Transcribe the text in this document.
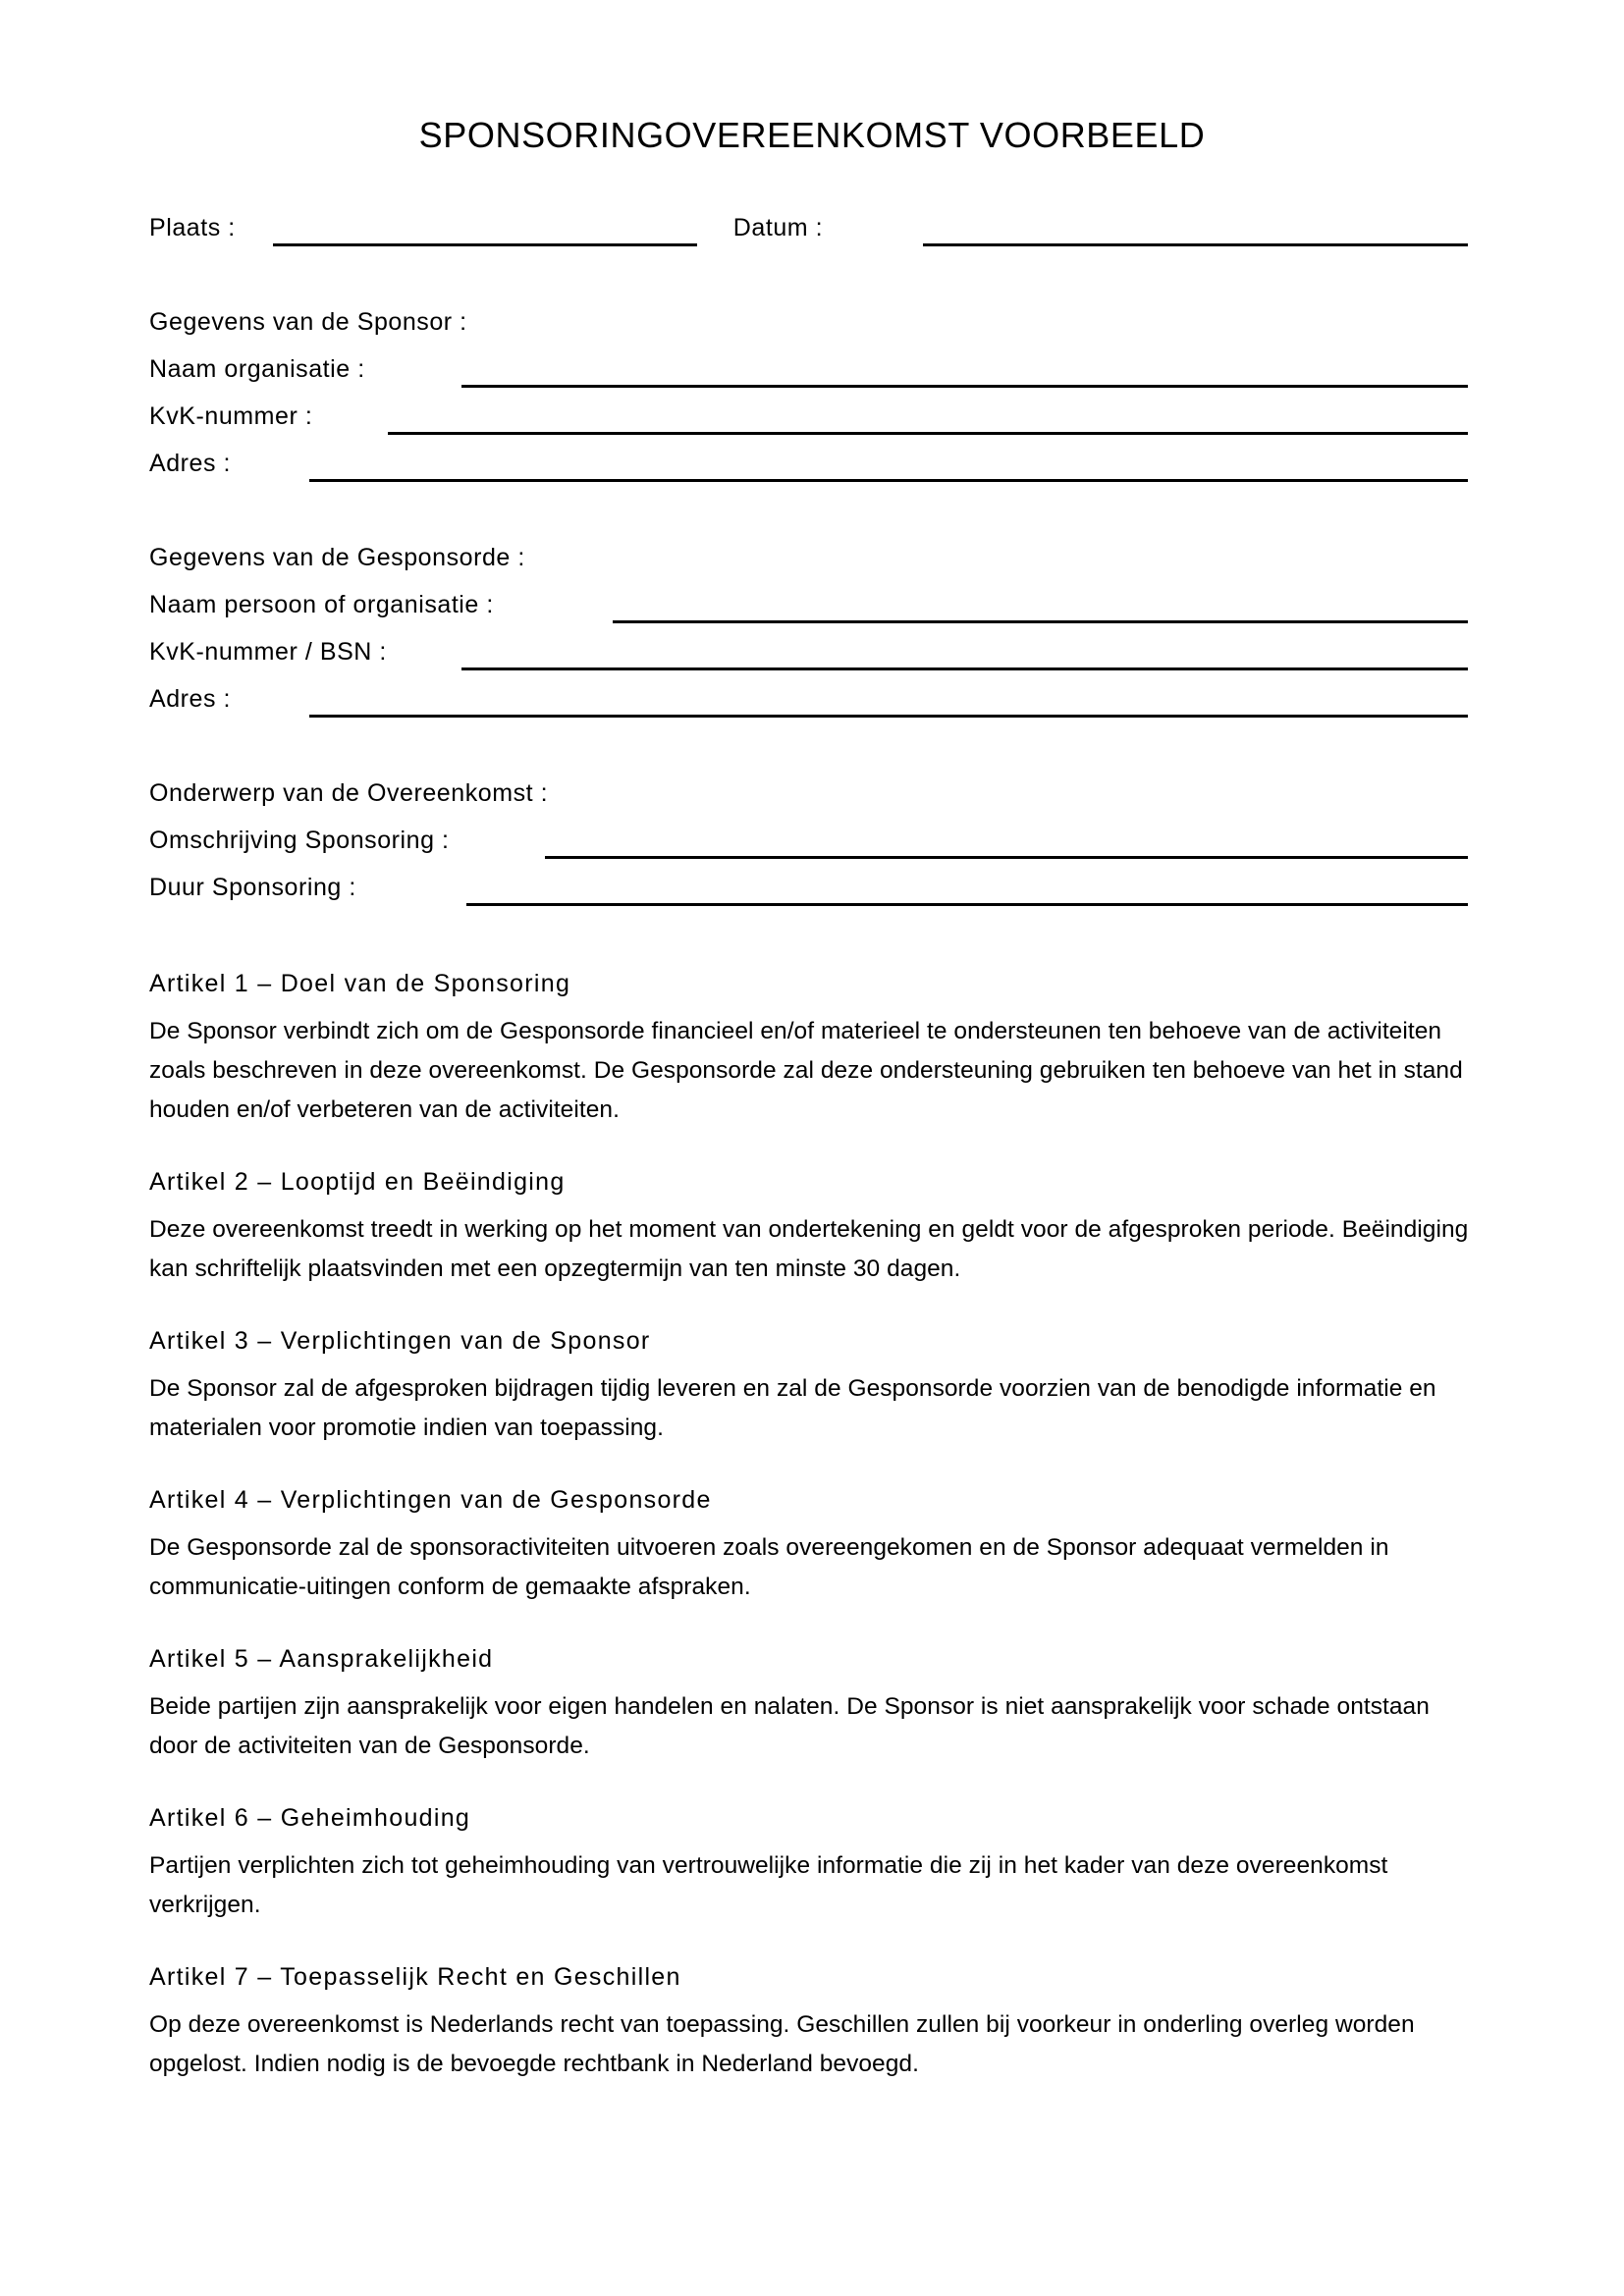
SPONSORINGOVEREENKOMST VOORBEELD
Plaats :	Datum :
Gegevens van de Sponsor :
Naam organisatie :
KvK-nummer :
Adres :
Gegevens van de Gesponsorde :
Naam persoon of organisatie :
KvK-nummer / BSN :
Adres :
Onderwerp van de Overeenkomst :
Omschrijving Sponsoring :
Duur Sponsoring :
Artikel 1 – Doel van de Sponsoring

De Sponsor verbindt zich om de Gesponsorde financieel en/of materieel te ondersteunen ten behoeve van de activiteiten zoals beschreven in deze overeenkomst. De Gesponsorde zal deze ondersteuning gebruiken ten behoeve van het in stand houden en/of verbeteren van de activiteiten.

Artikel 2 – Looptijd en Beëindiging

Deze overeenkomst treedt in werking op het moment van ondertekening en geldt voor de afgesproken periode. Beëindiging kan schriftelijk plaatsvinden met een opzegtermijn van ten minste 30 dagen.

Artikel 3 – Verplichtingen van de Sponsor

De Sponsor zal de afgesproken bijdragen tijdig leveren en zal de Gesponsorde voorzien van de benodigde informatie en materialen voor promotie indien van toepassing.

Artikel 4 – Verplichtingen van de Gesponsorde

De Gesponsorde zal de sponsoractiviteiten uitvoeren zoals overeengekomen en de Sponsor adequaat vermelden in communicatie-uitingen conform de gemaakte afspraken.

Artikel 5 – Aansprakelijkheid

Beide partijen zijn aansprakelijk voor eigen handelen en nalaten. De Sponsor is niet aansprakelijk voor schade ontstaan door de activiteiten van de Gesponsorde.

Artikel 6 – Geheimhouding

Partijen verplichten zich tot geheimhouding van vertrouwelijke informatie die zij in het kader van deze overeenkomst verkrijgen.

Artikel 7 – Toepasselijk Recht en Geschillen

Op deze overeenkomst is Nederlands recht van toepassing. Geschillen zullen bij voorkeur in onderling overleg worden opgelost. Indien nodig is de bevoegde rechtbank in Nederland bevoegd.
